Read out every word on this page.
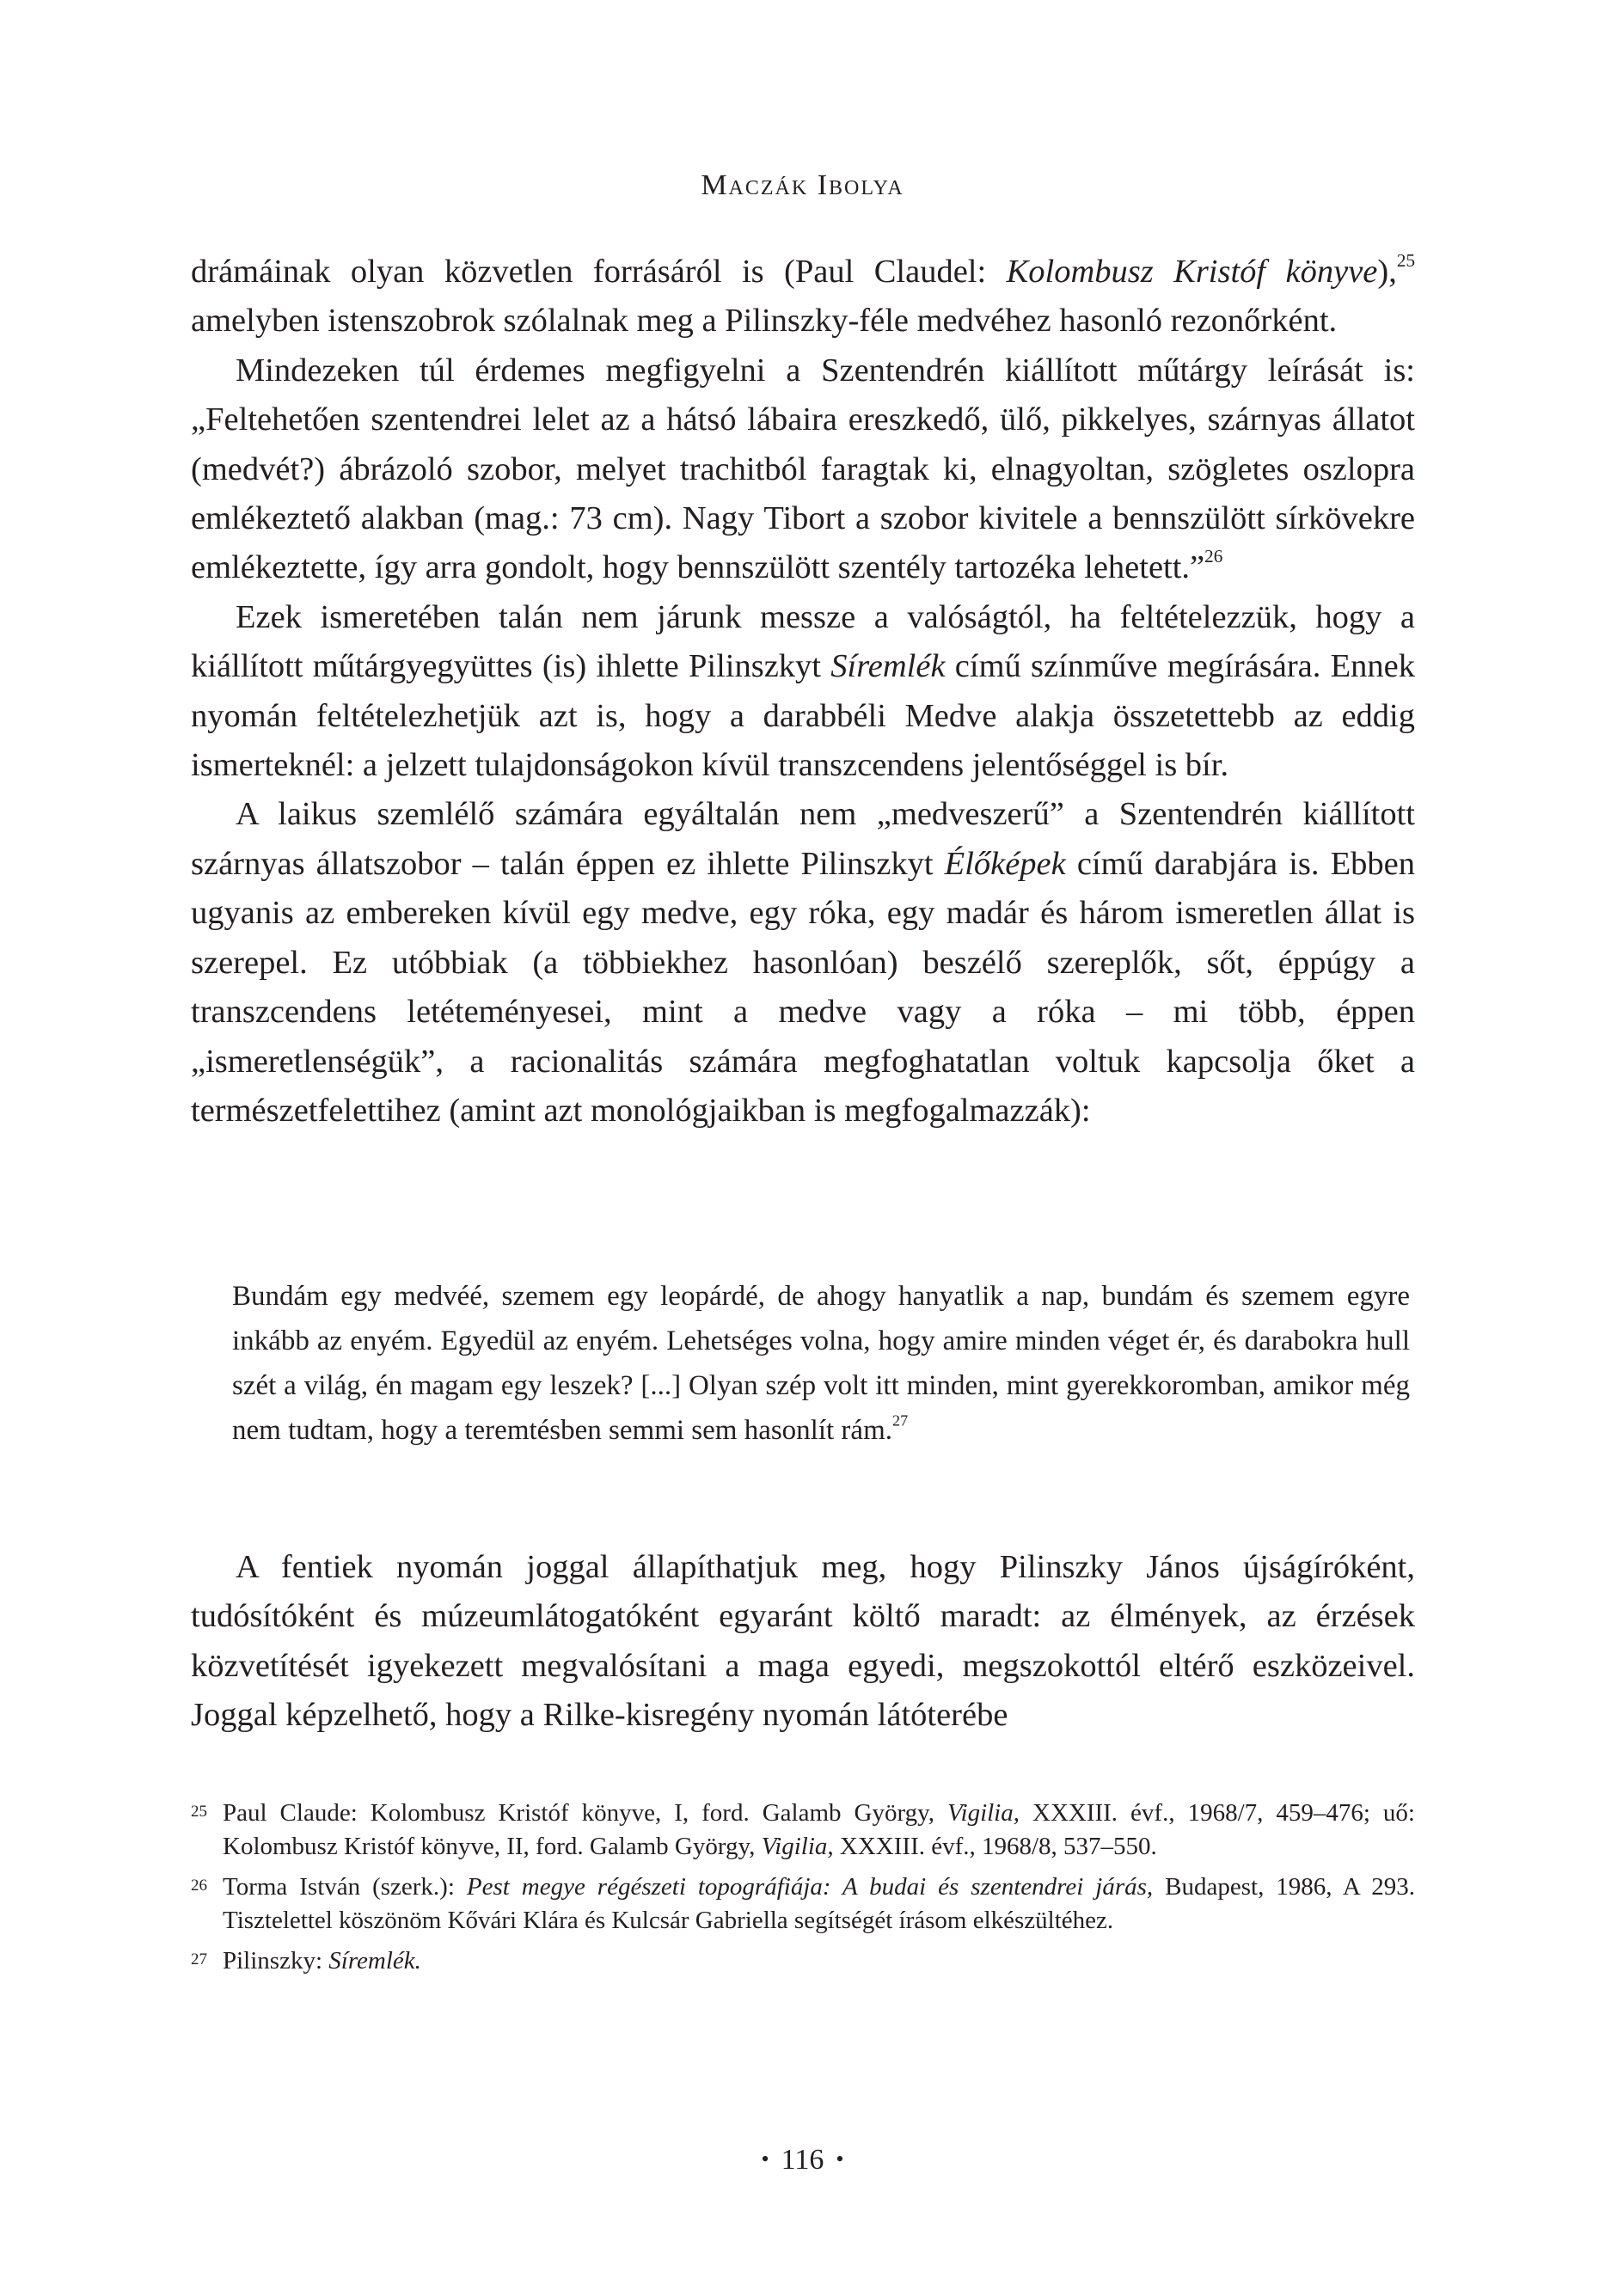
Maczák Ibolya

drámáinak olyan közvetlen forrásáról is (Paul Claudel: Kolombusz Kristóf könyve),$^{25}$ amelyben istenszobrok szólalnak meg a Pilinszky-féle medvéhez hasonló rezonőrként.

Mindezeken túl érdemes megfigyelni a Szentendrén kiállított műtárgy leírását is: „Feltehetően szentendrei lelet az a hátsó lábaira ereszkedő, ülő, pikkelyes, szárnyas állatot (medvét?) ábrázoló szobor, melyet trachitból faragtak ki, elnagyoltan, szögletes oszlopra emlékeztető alakban (mag.: 73 cm). Nagy Tibort a szobor kivitele a bennszülött sírkövekre emlékeztette, így arra gondolt, hogy bennszülött szentély tartozéka lehetett.”$^{26}$

Ezek ismeretében talán nem járunk messze a valóságtól, ha feltételezzük, hogy a kiállított műtárgyegyüttes (is) ihlette Pilinszkyt Síremlék című színműve megírására. Ennek nyomán feltételezhetjük azt is, hogy a darabbéli Medve alakja összetettebb az eddig ismerteknél: a jelzett tulajdonságokon kívül transzcendens jelentőséggel is bír.

A laikus szemlélő számára egyáltalán nem „medveszerű” a Szentendrén kiállított szárnyas állatszobor – talán éppen ez ihlette Pilinszkyt Élőképek című darabjára is. Ebben ugyanis az embereken kívül egy medve, egy róka, egy madár és három ismeretlen állat is szerepel. Ez utóbbiak (a többiekhez hasonlóan) beszélő szereplők, sőt, éppúgy a transzcendens letéteményesei, mint a medve vagy a róka – mi több, éppen „ismeretlenségük”, a racionalitás számára megfoghatatlan voltuk kapcsolja őket a természetfelettihez (amint azt monológjaikban is megfogalmazzák):

Bundám egy medvéé, szemem egy leopárdé, de ahogy hanyatlik a nap, bundám és szemem egyre inkább az enyém. Egyedül az enyém. Lehetséges volna, hogy amire minden véget ér, és darabokra hull szét a világ, én magam egy leszek? [...] Olyan szép volt itt minden, mint gyerekkoromban, amikor még nem tudtam, hogy a teremtésben semmi sem hasonlít rám.$^{27}$

A fentiek nyomán joggal állapíthatjuk meg, hogy Pilinszky János újságíróként, tudósítóként és múzeumlátogatóként egyaránt költő maradt: az élmények, az érzések közvetítését igyekezett megvalósítani a maga egyedi, megszokottól eltérő eszközeivel. Joggal képzelhető, hogy a Rilke-kisregény nyomán látóterébe

25 Paul Claude: Kolombusz Kristóf könyve, I, ford. Galamb György, Vigilia, XXXIII. évf., 1968/7, 459–476; uő: Kolombusz Kristóf könyve, II, ford. Galamb György, Vigilia, XXXIII. évf., 1968/8, 537–550.
26 Torma István (szerk.): Pest megye régészeti topográfiája: A budai és szentendrei járás, Budapest, 1986, A 293. Tisztelettel köszönöm Kővári Klára és Kulcsár Gabriella segítségét írásom elkészültéhez.
27 Pilinszky: Síremlék.
• 116 •
